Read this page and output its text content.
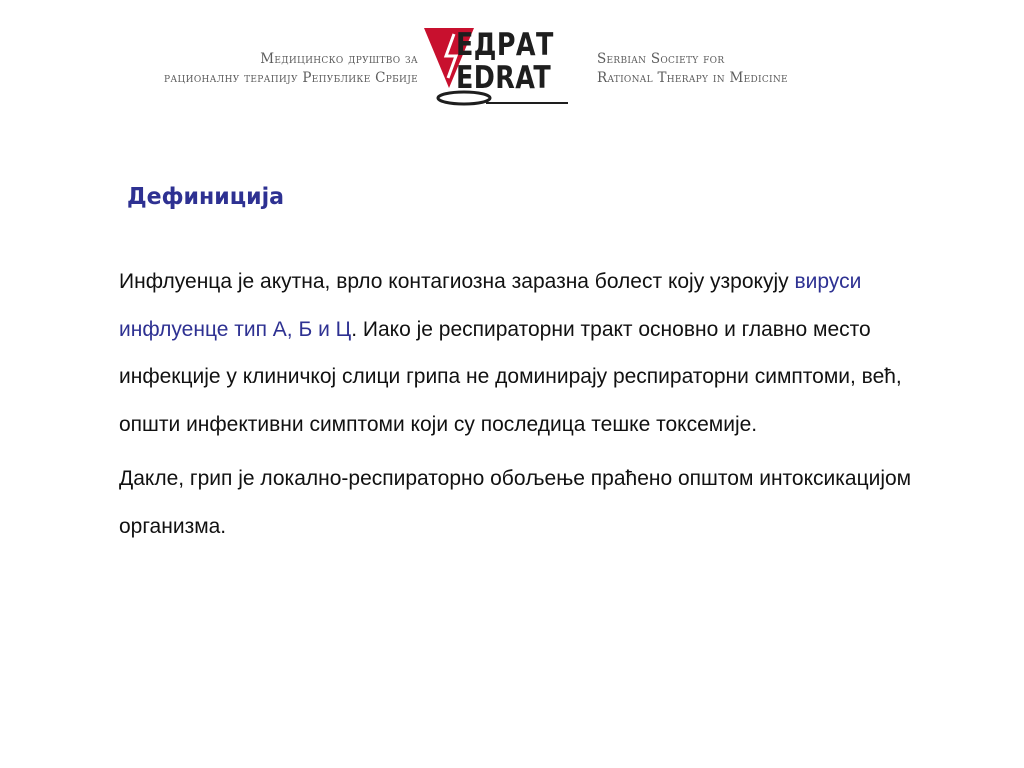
Медицинско друштво за
рационалну терапију Републике Србије
ЕДРАТ
EDRAT
Serbian Society for
Rational Therapy in Medicine
Дефиниција

Инфлуенца је акутна, врло контагиозна заразна болест коју узрокују вируси инфлуенце тип А, Б и Ц. Иако је респираторни тракт основно и главно место инфекције у клиничкој слици грипа не доминирају респираторни симптоми, већ, општи инфективни симптоми који су последица тешке токсемије.

Дакле, грип је локално-респираторно обољење праћено општом интоксикацијом организма.
